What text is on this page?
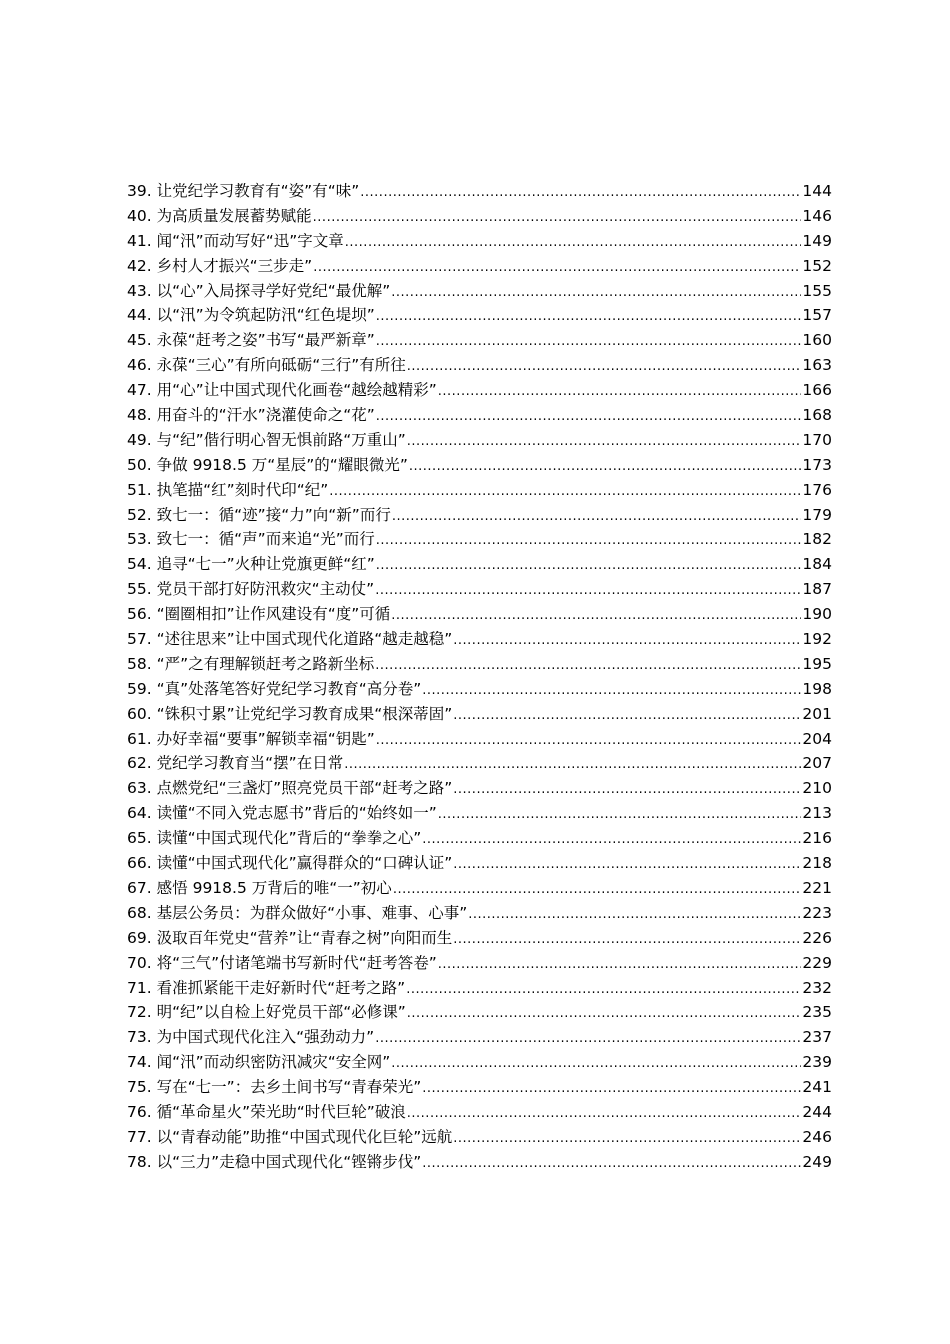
39. 让党纪学习教育有“姿”有“味” .....	144
40. 为高质量发展蓄势赋能 .....	146
41. 闻“汛”而动写好“迅”字文章 .....	149
42. 乡村人才振兴“三步走” .....	152
43. 以“心”入局探寻学好党纪“最优解” .....	155
44. 以“汛”为令筑起防汛“红色堤坝” .....	157
45. 永葆“赶考之姿”书写“最严新章” .....	160
46. 永葆“三心”有所向砥砺“三行”有所往 .....	163
47. 用“心”让中国式现代化画卷“越绘越精彩” .....	166
48. 用奋斗的“汗水”浇灌使命之“花” .....	168
49. 与“纪”偕行明心智无惧前路“万重山” .....	170
50. 争做 9918.5 万“星辰”的“耀眼微光” .....	173
51. 执笔描“红”刻时代印“纪” .....	176
52. 致七一：循“迹”接“力”向“新”而行 .....	179
53. 致七一：循“声”而来追“光”而行 .....	182
54. 追寻“七一”火种让党旗更鲜“红” .....	184
55. 党员干部打好防汛救灾“主动仗” .....	187
56. “圈圈相扣”让作风建设有“度”可循 .....	190
57. “述往思来”让中国式现代化道路“越走越稳” .....	192
58. “严”之有理解锁赶考之路新坐标 .....	195
59. “真”处落笔答好党纪学习教育“高分卷” .....	198
60. “铢积寸累”让党纪学习教育成果“根深蒂固” .....	201
61. 办好幸福“要事”解锁幸福“钥匙” .....	204
62. 党纪学习教育当“摆”在日常 .....	207
63. 点燃党纪“三盏灯”照亮党员干部“赶考之路” .....	210
64. 读懂“不同入党志愿书”背后的“始终如一” .....	213
65. 读懂“中国式现代化”背后的“拳拳之心” .....	216
66. 读懂“中国式现代化”赢得群众的“口碑认证” .....	218
67. 感悟 9918.5 万背后的唯“一”初心 .....	221
68. 基层公务员：为群众做好“小事、难事、心事” .....	223
69. 汲取百年党史“营养”让“青春之树”向阳而生 .....	226
70. 将“三气”付诸笔端书写新时代“赶考答卷” .....	229
71. 看准抓紧能干走好新时代“赶考之路” .....	232
72. 明“纪”以自检上好党员干部“必修课” .....	235
73. 为中国式现代化注入“强劲动力” .....	237
74. 闻“汛”而动织密防汛减灾“安全网” .....	239
75. 写在“七一”：去乡土间书写“青春荣光” .....	241
76. 循“革命星火”荣光助“时代巨轮”破浪 .....	244
77. 以“青春动能”助推“中国式现代化巨轮”远航 .....	246
78. 以“三力”走稳中国式现代化“铿锵步伐” .....	249
